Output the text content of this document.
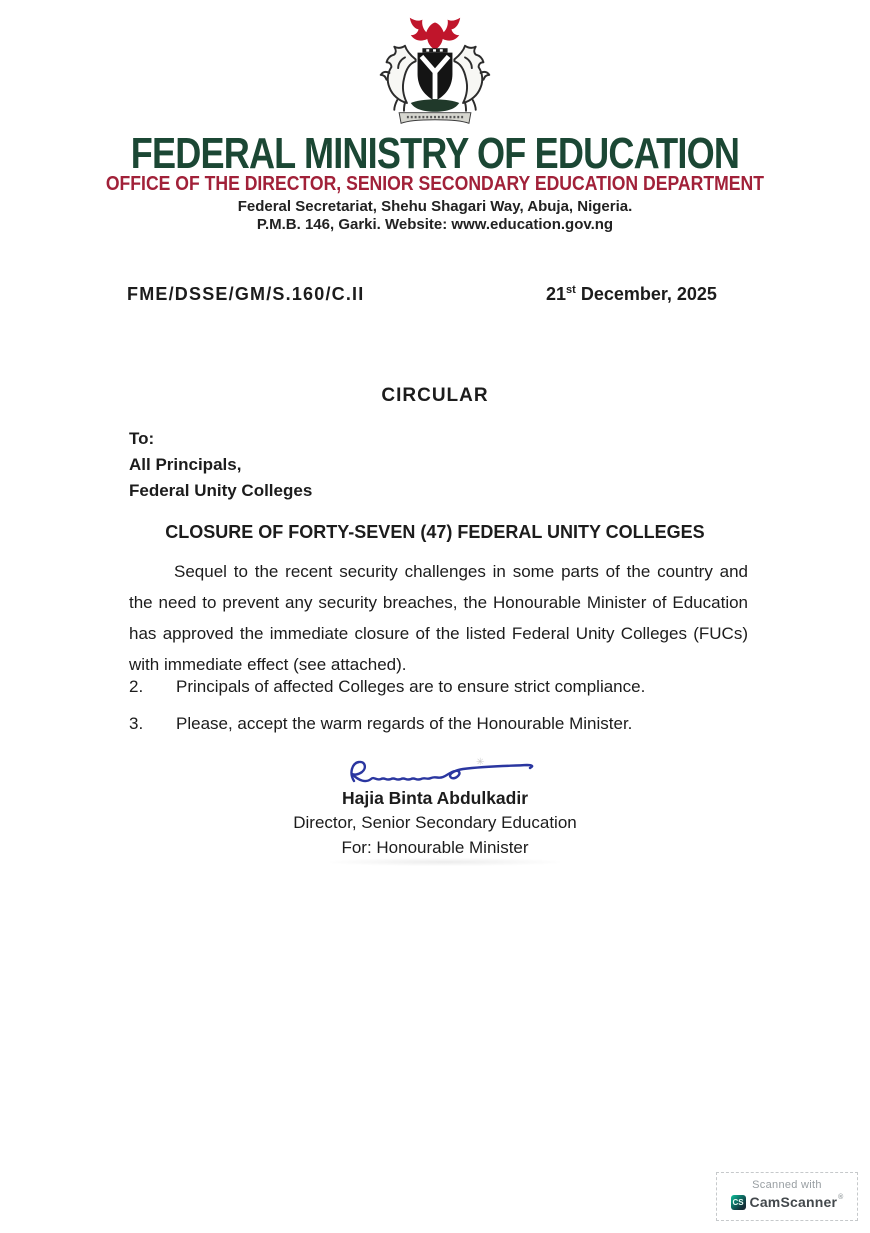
FEDERAL MINISTRY OF EDUCATION
OFFICE OF THE DIRECTOR, SENIOR SECONDARY EDUCATION DEPARTMENT
Federal Secretariat, Shehu Shagari Way, Abuja, Nigeria.
P.M.B. 146, Garki. Website: www.education.gov.ng
FME/DSSE/GM/S.160/C.II	21st December, 2025
CIRCULAR
To:
All Principals,
Federal Unity Colleges
CLOSURE OF FORTY-SEVEN (47) FEDERAL UNITY COLLEGES
Sequel to the recent security challenges in some parts of the country and the need to prevent any security breaches, the Honourable Minister of Education has approved the immediate closure of the listed Federal Unity Colleges (FUCs) with immediate effect (see attached).
2.	Principals of affected Colleges are to ensure strict compliance.
3.	Please, accept the warm regards of the Honourable Minister.
✳
Hajia Binta Abdulkadir
Director, Senior Secondary Education
For: Honourable Minister
Scanned with
CS CamScanner®
